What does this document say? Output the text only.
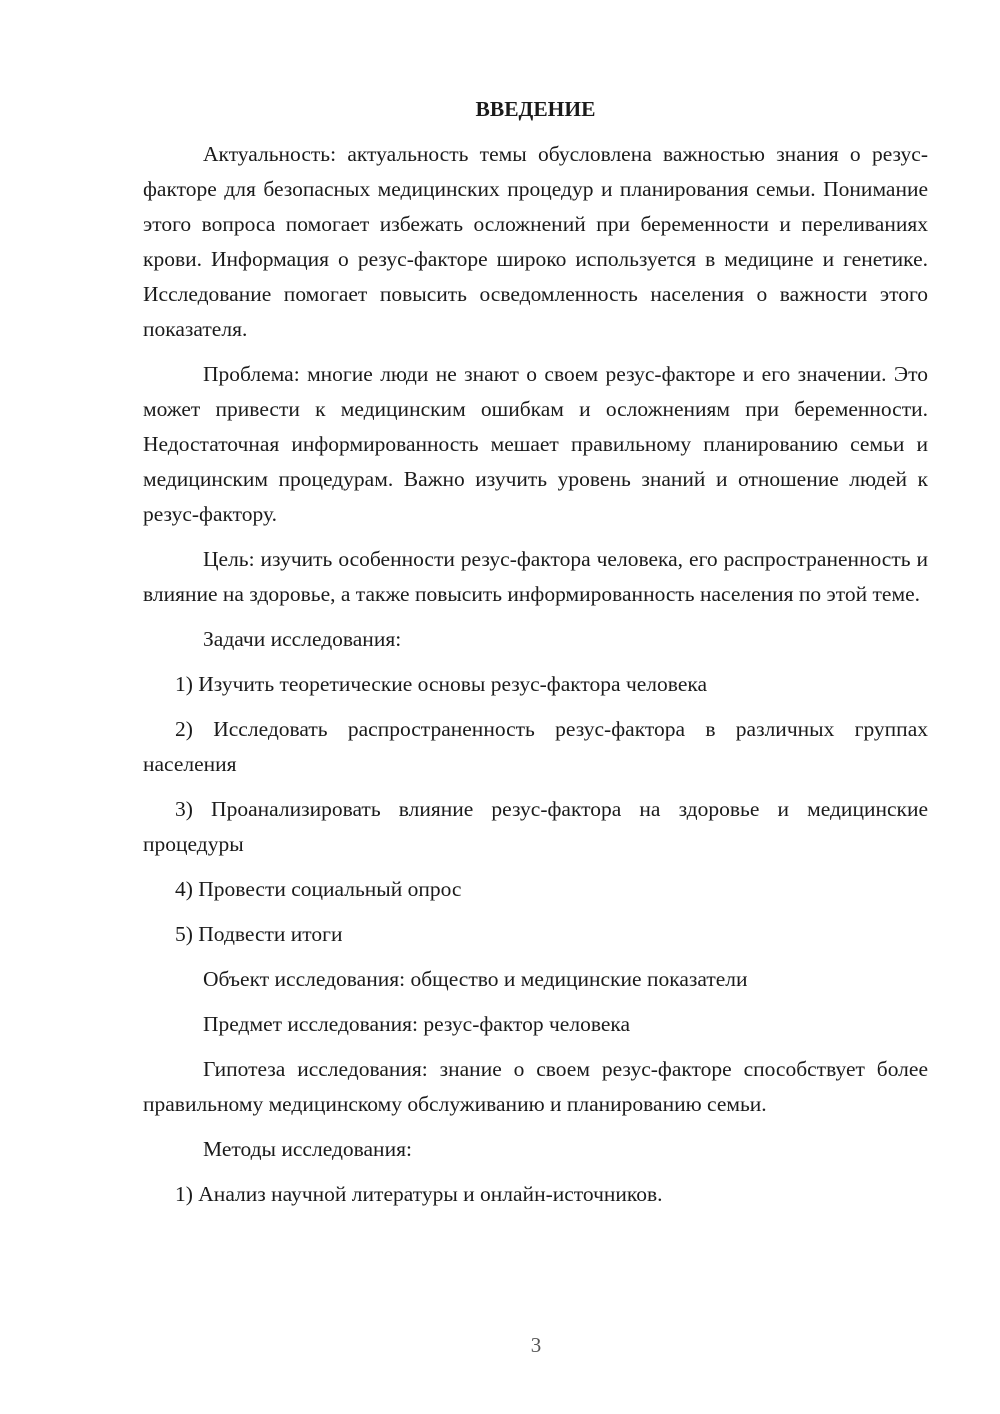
ВВЕДЕНИЕ

Актуальность: актуальность темы обусловлена важностью знания о резус-факторе для безопасных медицинских процедур и планирования семьи. Понимание этого вопроса помогает избежать осложнений при беременности и переливаниях крови. Информация о резус-факторе широко используется в медицине и генетике. Исследование помогает повысить осведомленность населения о важности этого показателя.

Проблема: многие люди не знают о своем резус-факторе и его значении. Это может привести к медицинским ошибкам и осложнениям при беременности. Недостаточная информированность мешает правильному планированию семьи и медицинским процедурам. Важно изучить уровень знаний и отношение людей к резус-фактору.

Цель: изучить особенности резус-фактора человека, его распространенность и влияние на здоровье, а также повысить информированность населения по этой теме.

Задачи исследования:

1) Изучить теоретические основы резус-фактора человека

2) Исследовать распространенность резус-фактора в различных группах населения

3) Проанализировать влияние резус-фактора на здоровье и медицинские процедуры

4) Провести социальный опрос

5) Подвести итоги

Объект исследования: общество и медицинские показатели

Предмет исследования: резус-фактор человека

Гипотеза исследования: знание о своем резус-факторе способствует более правильному медицинскому обслуживанию и планированию семьи.

Методы исследования:

1) Анализ научной литературы и онлайн-источников.

3
